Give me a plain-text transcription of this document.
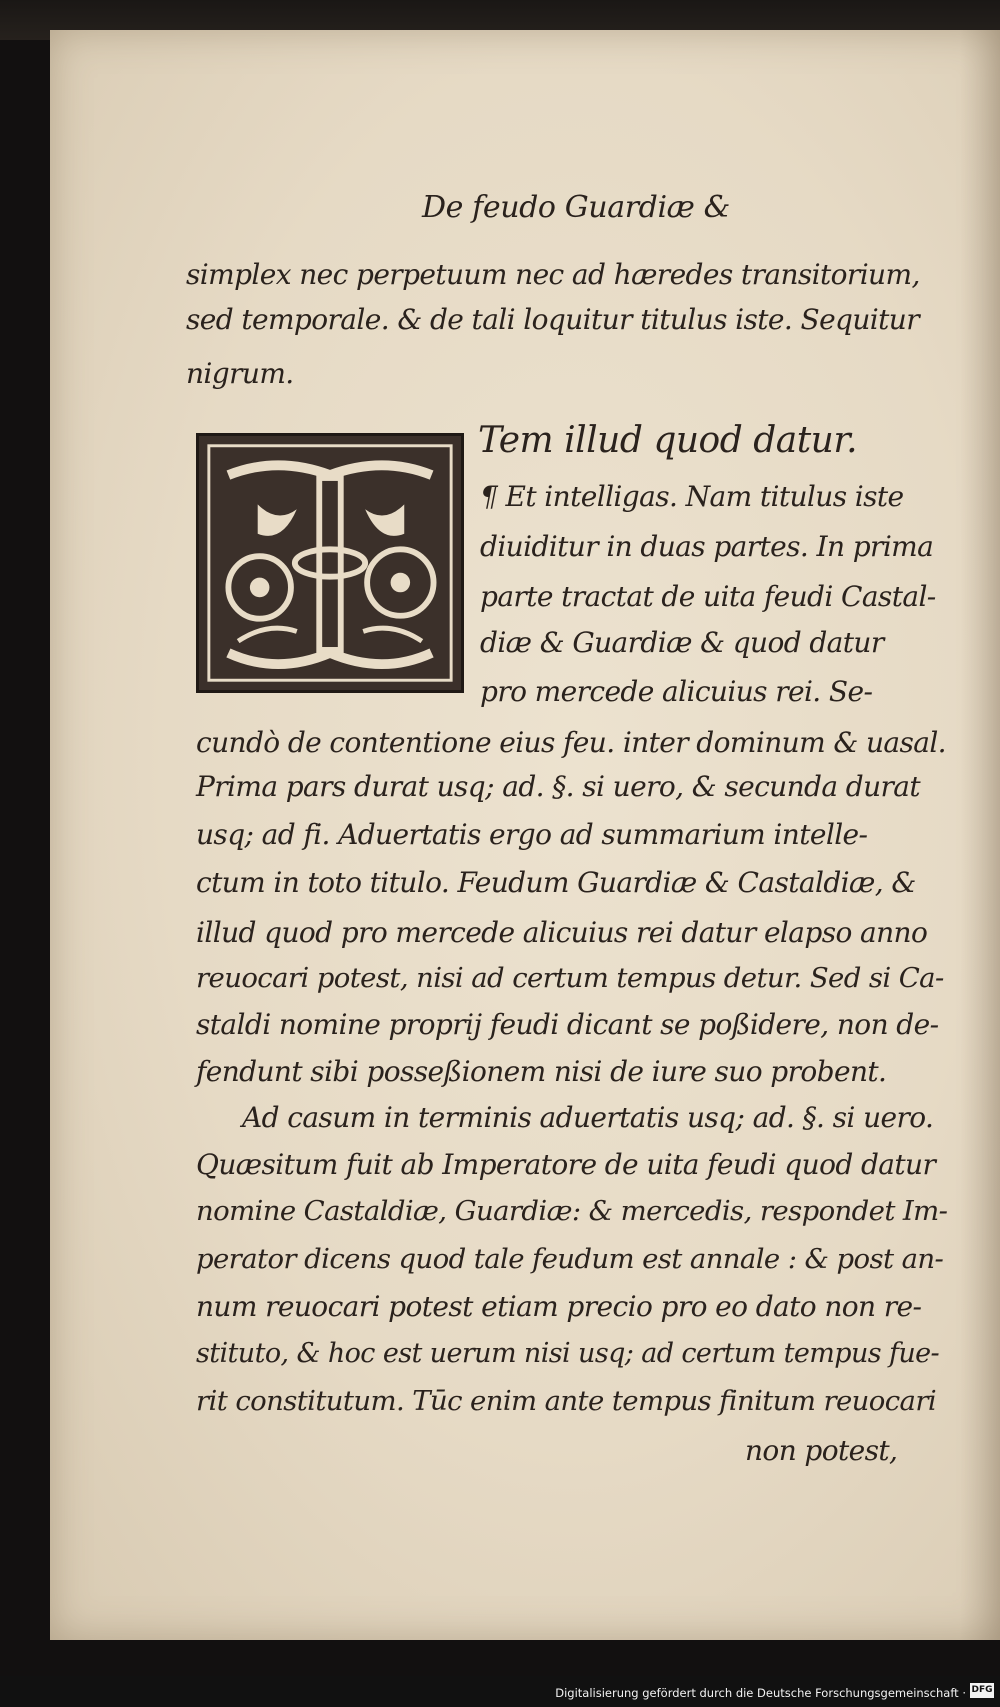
De feudo Guardiæ &
simplex nec perpetuum nec ad hæredes transitorium,
sed temporale. & de tali loquitur titulus iste. Sequitur
nigrum.
¶ Et intelligas. Nam titulus iste
diuiditur in duas partes. In prima
parte tractat de uita feudi Castal-
diæ & Guardiæ & quod datur
pro mercede alicuius rei. Se-
cundò de contentione eius feu. inter dominum & uasal.
Prima pars durat usq; ad. §. si uero, & secunda durat
usq; ad fi. Aduertatis ergo ad summarium intelle-
ctum in toto titulo. Feudum Guardiæ & Castaldiæ, &
illud quod pro mercede alicuius rei datur elapso anno
reuocari potest, nisi ad certum tempus detur. Sed si Ca-
staldi nomine proprij feudi dicant se poßidere, non de-
fendunt sibi posseßionem nisi de iure suo probent.
Ad casum in terminis aduertatis usq; ad. §. si uero.
Quæsitum fuit ab Imperatore de uita feudi quod datur
nomine Castaldiæ, Guardiæ: & mercedis, respondet Im-
perator dicens quod tale feudum est annale : & post an-
num reuocari potest etiam precio pro eo dato non re-
stituto, & hoc est uerum nisi usq; ad certum tempus fue-
rit constitutum. Tūc enim ante tempus finitum reuocari
non potest,
Tem illud quod datur.
Digitalisierung gefördert durch die Deutsche Forschungsgemeinschaft · DFG
